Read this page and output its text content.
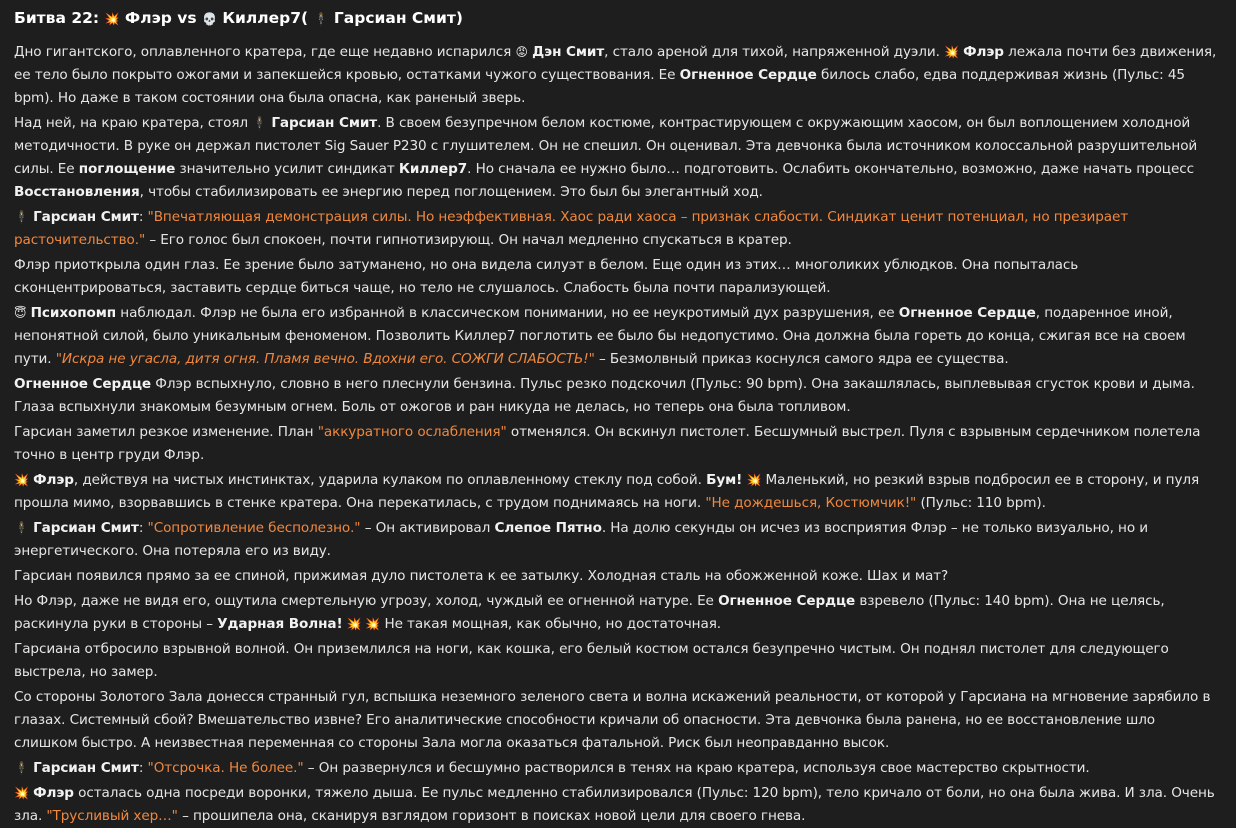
Битва 22: 💥 Флэр vs 💀 Киллер7( 🕴 Гарсиан Смит)

Дно гигантского, оплавленного кратера, где еще недавно испарился 😡 Дэн Смит, стало ареной для тихой, напряженной дуэли. 💥 Флэр лежала почти без движения, ее тело было покрыто ожогами и запекшейся кровью, остатками чужого существования. Ее Огненное Сердце билось слабо, едва поддерживая жизнь (Пульс: 45 bpm). Но даже в таком состоянии она была опасна, как раненый зверь.

Над ней, на краю кратера, стоял 🕴 Гарсиан Смит. В своем безупречном белом костюме, контрастирующем с окружающим хаосом, он был воплощением холодной методичности. В руке он держал пистолет Sig Sauer P230 с глушителем. Он не спешил. Он оценивал. Эта девчонка была источником колоссальной разрушительной силы. Ее поглощение значительно усилит синдикат Киллер7. Но сначала ее нужно было… подготовить. Ослабить окончательно, возможно, даже начать процесс Восстановления, чтобы стабилизировать ее энергию перед поглощением. Это был бы элегантный ход.

🕴 Гарсиан Смит: "Впечатляющая демонстрация силы. Но неэффективная. Хаос ради хаоса – признак слабости. Синдикат ценит потенциал, но презирает расточительство." – Его голос был спокоен, почти гипнотизирующ. Он начал медленно спускаться в кратер.

Флэр приоткрыла один глаз. Ее зрение было затуманено, но она видела силуэт в белом. Еще один из этих… многоликих ублюдков. Она попыталась сконцентрироваться, заставить сердце биться чаще, но тело не слушалось. Слабость была почти парализующей.

😇 Психопомп наблюдал. Флэр не была его избранной в классическом понимании, но ее неукротимый дух разрушения, ее Огненное Сердце, подаренное иной, непонятной силой, было уникальным феноменом. Позволить Киллер7 поглотить ее было бы недопустимо. Она должна была гореть до конца, сжигая все на своем пути. "Искра не угасла, дитя огня. Пламя вечно. Вдохни его. СОЖГИ СЛАБОСТЬ!" – Безмолвный приказ коснулся самого ядра ее существа.

Огненное Сердце Флэр вспыхнуло, словно в него плеснули бензина. Пульс резко подскочил (Пульс: 90 bpm). Она закашлялась, выплевывая сгусток крови и дыма. Глаза вспыхнули знакомым безумным огнем. Боль от ожогов и ран никуда не делась, но теперь она была топливом.

Гарсиан заметил резкое изменение. План "аккуратного ослабления" отменялся. Он вскинул пистолет. Бесшумный выстрел. Пуля с взрывным сердечником полетела точно в центр груди Флэр.

💥 Флэр, действуя на чистых инстинктах, ударила кулаком по оплавленному стеклу под собой. Бум! 💥 Маленький, но резкий взрыв подбросил ее в сторону, и пуля прошла мимо, взорвавшись в стенке кратера. Она перекатилась, с трудом поднимаясь на ноги. "Не дождешься, Костюмчик!" (Пульс: 110 bpm).

🕴 Гарсиан Смит: "Сопротивление бесполезно." – Он активировал Слепое Пятно. На долю секунды он исчез из восприятия Флэр – не только визуально, но и энергетического. Она потеряла его из виду.

Гарсиан появился прямо за ее спиной, прижимая дуло пистолета к ее затылку. Холодная сталь на обожженной коже. Шах и мат?

Но Флэр, даже не видя его, ощутила смертельную угрозу, холод, чуждый ее огненной натуре. Ее Огненное Сердце взревело (Пульс: 140 bpm). Она не целясь, раскинула руки в стороны – Ударная Волна! 💥 💥 Не такая мощная, как обычно, но достаточная.

Гарсиана отбросило взрывной волной. Он приземлился на ноги, как кошка, его белый костюм остался безупречно чистым. Он поднял пистолет для следующего выстрела, но замер.

Со стороны Золотого Зала донесся странный гул, вспышка неземного зеленого света и волна искажений реальности, от которой у Гарсиана на мгновение зарябило в глазах. Системный сбой? Вмешательство извне? Его аналитические способности кричали об опасности. Эта девчонка была ранена, но ее восстановление шло слишком быстро. А неизвестная переменная со стороны Зала могла оказаться фатальной. Риск был неоправданно высок.

🕴 Гарсиан Смит: "Отсрочка. Не более." – Он развернулся и бесшумно растворился в тенях на краю кратера, используя свое мастерство скрытности.

💥 Флэр осталась одна посреди воронки, тяжело дыша. Ее пульс медленно стабилизировался (Пульс: 120 bpm), тело кричало от боли, но она была жива. И зла. Очень зла. "Трусливый хер…" – прошипела она, сканируя взглядом горизонт в поисках новой цели для своего гнева.
